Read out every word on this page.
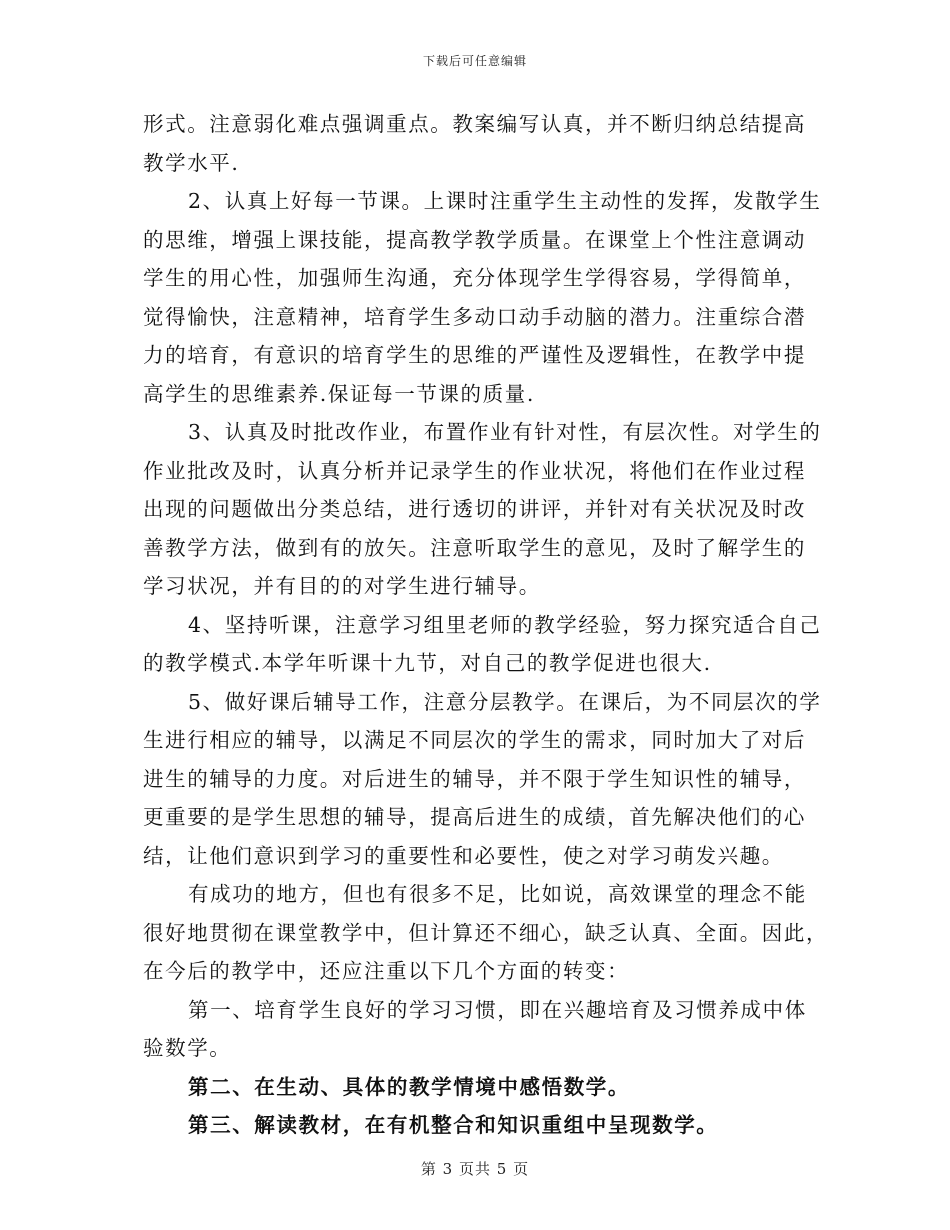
下载后可任意编辑
形式。注意弱化难点强调重点。教案编写认真，并不断归纳总结提高
教学水平.
2、认真上好每一节课。上课时注重学生主动性的发挥，发散学生
的思维，增强上课技能，提高教学教学质量。在课堂上个性注意调动
学生的用心性，加强师生沟通，充分体现学生学得容易，学得简单，
觉得愉快，注意精神，培育学生多动口动手动脑的潜力。注重综合潜
力的培育，有意识的培育学生的思维的严谨性及逻辑性，在教学中提
高学生的思维素养.保证每一节课的质量.
3、认真及时批改作业，布置作业有针对性，有层次性。对学生的
作业批改及时，认真分析并记录学生的作业状况，将他们在作业过程
出现的问题做出分类总结，进行透切的讲评，并针对有关状况及时改
善教学方法，做到有的放矢。注意听取学生的意见，及时了解学生的
学习状况，并有目的的对学生进行辅导。
4、坚持听课，注意学习组里老师的教学经验，努力探究适合自己
的教学模式.本学年听课十九节，对自己的教学促进也很大.
5、做好课后辅导工作，注意分层教学。在课后，为不同层次的学
生进行相应的辅导，以满足不同层次的学生的需求，同时加大了对后
进生的辅导的力度。对后进生的辅导，并不限于学生知识性的辅导，
更重要的是学生思想的辅导，提高后进生的成绩，首先解决他们的心
结，让他们意识到学习的重要性和必要性，使之对学习萌发兴趣。
有成功的地方，但也有很多不足，比如说，高效课堂的理念不能
很好地贯彻在课堂教学中，但计算还不细心，缺乏认真、全面。因此，
在今后的教学中，还应注重以下几个方面的转变：
第一、培育学生良好的学习习惯，即在兴趣培育及习惯养成中体
验数学。
第二、在生动、具体的教学情境中感悟数学。
第三、解读教材，在有机整合和知识重组中呈现数学。
第 3 页共 5 页
